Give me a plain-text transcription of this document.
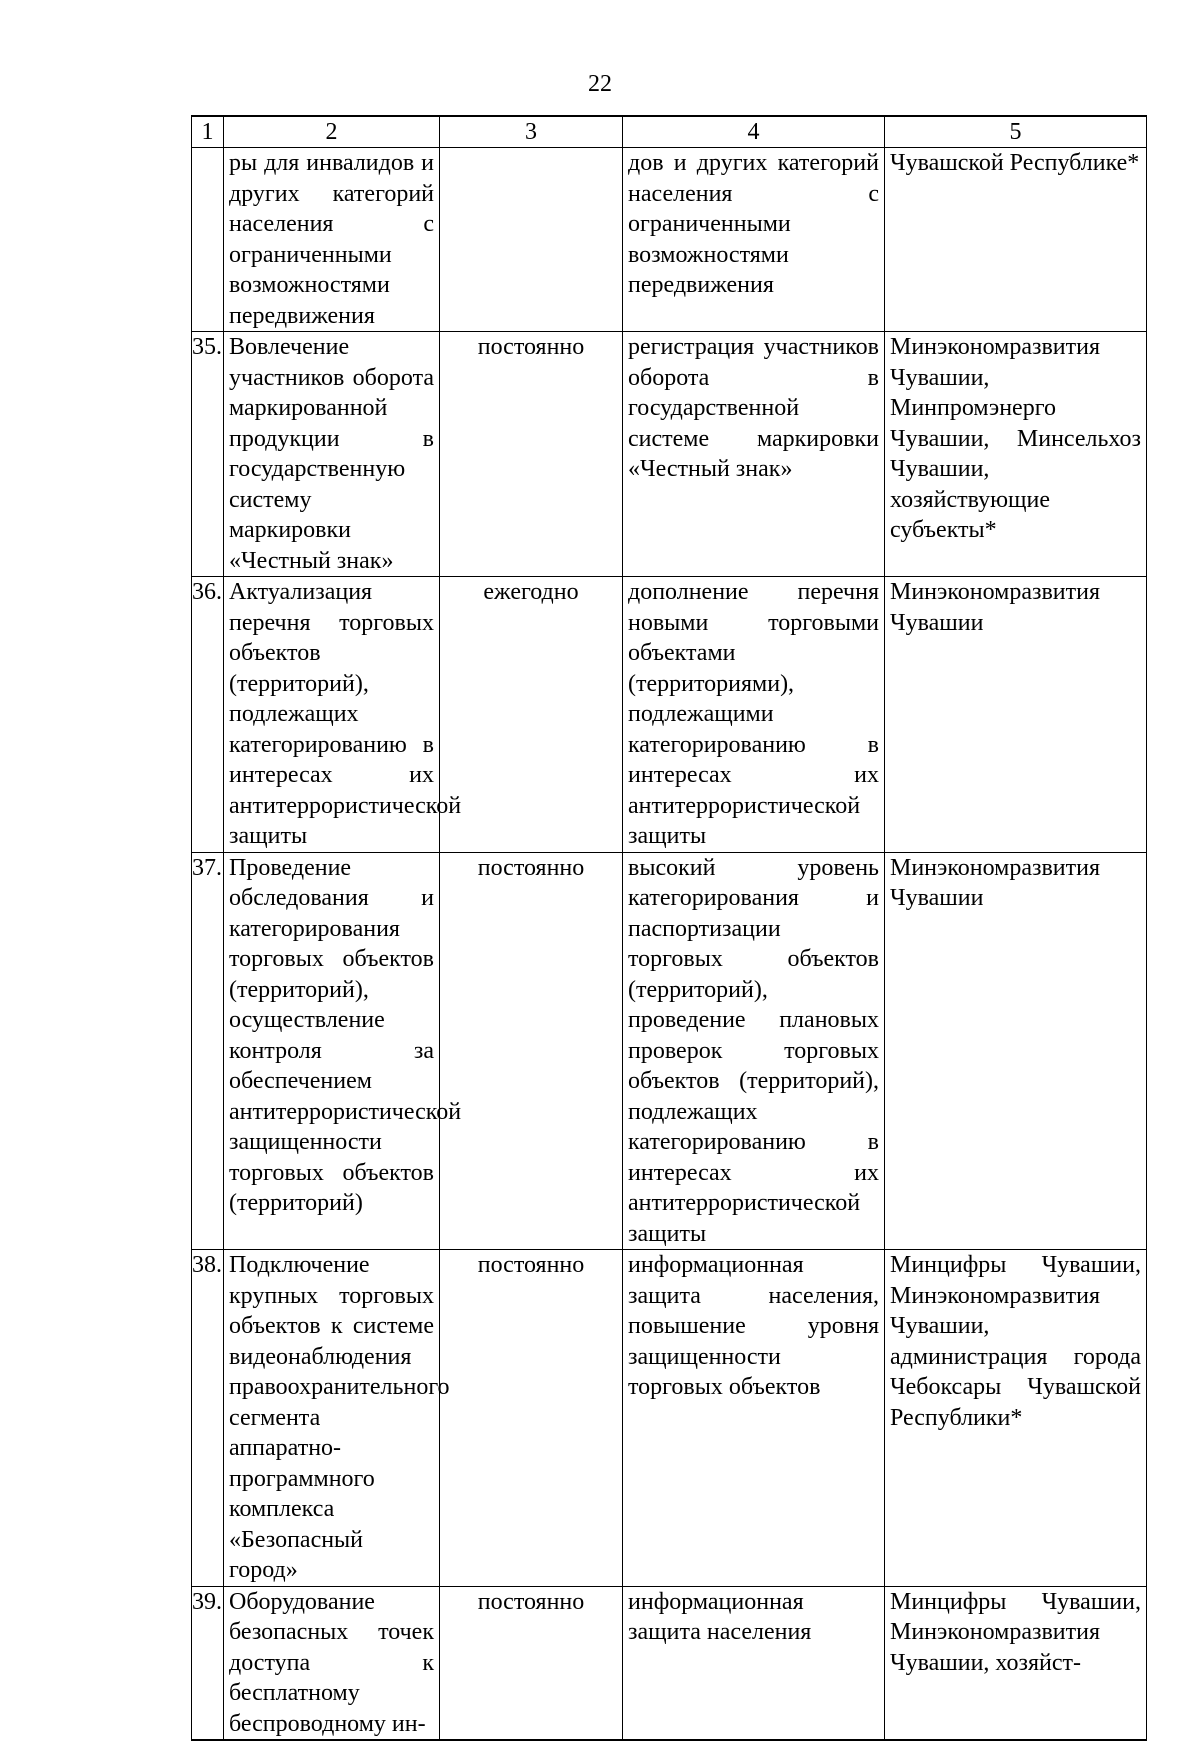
22
1	2	3	4	5
	ры для инвалидов и других категорий населения с ограниченными возможностями передвижения		дов и других категорий населения с ограниченными возможностями передвижения	Чувашской Республике*
35.	Вовлечение участников оборота маркированной продукции в государственную систему маркировки «Честный знак»	постоянно	регистрация участников оборота в государственной системе маркировки «Честный знак»	Минэкономразвития Чувашии, Минпромэнерго Чувашии, Минсельхоз Чувашии, хозяйствующие субъекты*
36.	Актуализация перечня торговых объектов (территорий), подлежащих категорированию в интересах их антитеррористической защиты	ежегодно	дополнение перечня новыми торговыми объектами (территориями), подлежащими категорированию в интересах их антитеррористической защиты	Минэкономразвития Чувашии
37.	Проведение обследования и категорирования торговых объектов (территорий), осуществление контроля за обеспечением антитеррористической защищенности торговых объектов (территорий)	постоянно	высокий уровень категорирования и паспортизации торговых объектов (территорий), проведение плановых проверок торговых объектов (территорий), подлежащих категорированию в интересах их антитеррористической защиты	Минэкономразвития Чувашии
38.	Подключение крупных торговых объектов к системе видеонаблюдения правоохранительного сегмента аппаратно-программного комплекса «Безопасный город»	постоянно	информационная защита населения, повышение уровня защищенности торговых объектов	Минцифры Чувашии, Минэкономразвития Чувашии, администрация города Чебоксары Чувашской Республики*
39.	Оборудование безопасных точек доступа к бесплатному беспроводному ин-	постоянно	информационная защита населения	Минцифры Чувашии, Минэкономразвития Чувашии, хозяйст-
